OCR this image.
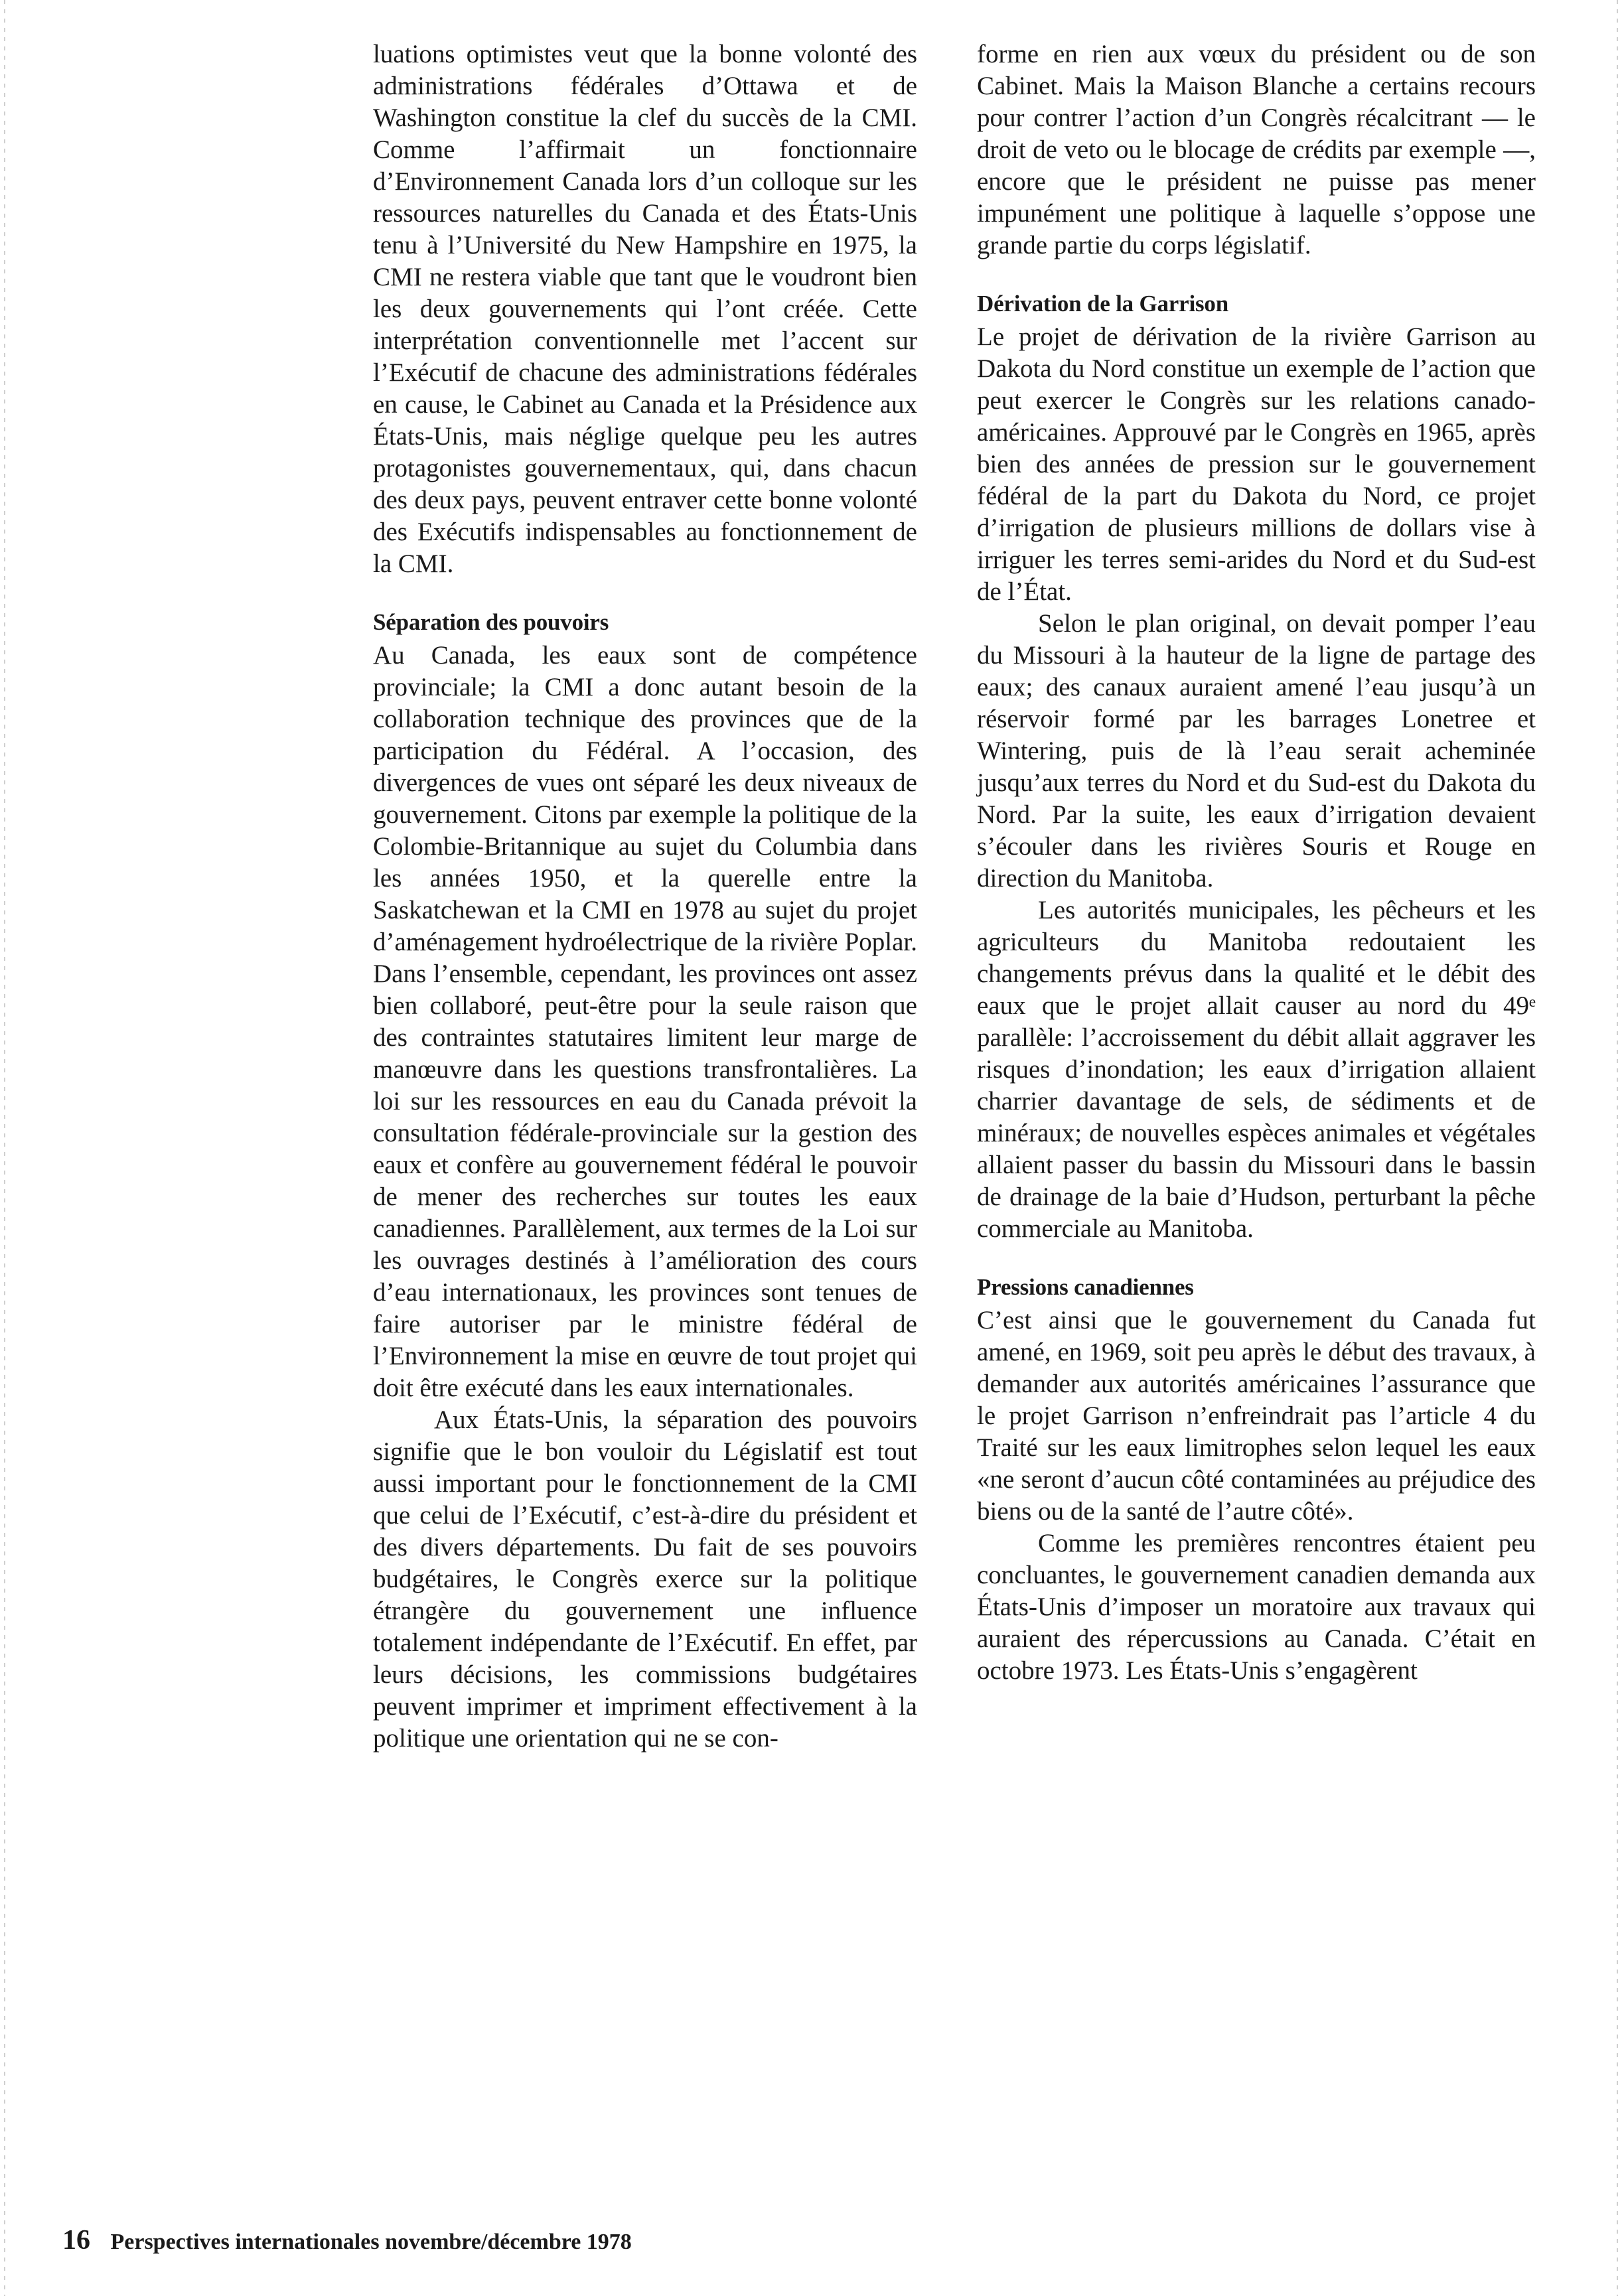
luations optimistes veut que la bonne volonté des administrations fédérales d’Ottawa et de Washington constitue la clef du succès de la CMI. Comme l’affirmait un fonctionnaire d’Environnement Canada lors d’un colloque sur les ressources naturelles du Canada et des États-Unis tenu à l’Université du New Hampshire en 1975, la CMI ne restera viable que tant que le voudront bien les deux gouvernements qui l’ont créée. Cette interprétation conventionnelle met l’accent sur l’Exécutif de chacune des administrations fédérales en cause, le Cabinet au Canada et la Présidence aux États-Unis, mais néglige quelque peu les autres protagonistes gouvernementaux, qui, dans chacun des deux pays, peuvent entraver cette bonne volonté des Exécutifs indispensables au fonctionnement de la CMI.

Séparation des pouvoirs

Au Canada, les eaux sont de compétence provinciale; la CMI a donc autant besoin de la collaboration technique des provinces que de la participation du Fédéral. A l’occasion, des divergences de vues ont séparé les deux niveaux de gouvernement. Citons par exemple la politique de la Colombie-Britannique au sujet du Columbia dans les années 1950, et la querelle entre la Saskatchewan et la CMI en 1978 au sujet du projet d’aménagement hydroélectrique de la rivière Poplar. Dans l’ensemble, cependant, les provinces ont assez bien collaboré, peut-être pour la seule raison que des contraintes statutaires limitent leur marge de manœuvre dans les questions transfrontalières. La loi sur les ressources en eau du Canada prévoit la consultation fédérale-provinciale sur la gestion des eaux et confère au gouvernement fédéral le pouvoir de mener des recherches sur toutes les eaux canadiennes. Parallèlement, aux termes de la Loi sur les ouvrages destinés à l’amélioration des cours d’eau internationaux, les provinces sont tenues de faire autoriser par le ministre fédéral de l’Environnement la mise en œuvre de tout projet qui doit être exécuté dans les eaux internationales.

Aux États-Unis, la séparation des pouvoirs signifie que le bon vouloir du Législatif est tout aussi important pour le fonctionnement de la CMI que celui de l’Exécutif, c’est-à-dire du président et des divers départements. Du fait de ses pouvoirs budgétaires, le Congrès exerce sur la politique étrangère du gouvernement une influence totalement indépendante de l’Exécutif. En effet, par leurs décisions, les commissions budgétaires peuvent imprimer et impriment effectivement à la politique une orientation qui ne se con-

forme en rien aux vœux du président ou de son Cabinet. Mais la Maison Blanche a certains recours pour contrer l’action d’un Congrès récalcitrant — le droit de veto ou le blocage de crédits par exemple —, encore que le président ne puisse pas mener impunément une politique à laquelle s’oppose une grande partie du corps législatif.

Dérivation de la Garrison

Le projet de dérivation de la rivière Garrison au Dakota du Nord constitue un exemple de l’action que peut exercer le Congrès sur les relations canado-américaines. Approuvé par le Congrès en 1965, après bien des années de pression sur le gouvernement fédéral de la part du Dakota du Nord, ce projet d’irrigation de plusieurs millions de dollars vise à irriguer les terres semi-arides du Nord et du Sud-est de l’État.

Selon le plan original, on devait pomper l’eau du Missouri à la hauteur de la ligne de partage des eaux; des canaux auraient amené l’eau jusqu’à un réservoir formé par les barrages Lonetree et Wintering, puis de là l’eau serait acheminée jusqu’aux terres du Nord et du Sud-est du Dakota du Nord. Par la suite, les eaux d’irrigation devaient s’écouler dans les rivières Souris et Rouge en direction du Manitoba.

Les autorités municipales, les pêcheurs et les agriculteurs du Manitoba redoutaient les changements prévus dans la qualité et le débit des eaux que le projet allait causer au nord du 49ᵉ parallèle: l’accroissement du débit allait aggraver les risques d’inondation; les eaux d’irrigation allaient charrier davantage de sels, de sédiments et de minéraux; de nouvelles espèces animales et végétales allaient passer du bassin du Missouri dans le bassin de drainage de la baie d’Hudson, perturbant la pêche commerciale au Manitoba.

Pressions canadiennes

C’est ainsi que le gouvernement du Canada fut amené, en 1969, soit peu après le début des travaux, à demander aux autorités américaines l’assurance que le projet Garrison n’enfreindrait pas l’article 4 du Traité sur les eaux limitrophes selon lequel les eaux «ne seront d’aucun côté contaminées au préjudice des biens ou de la santé de l’autre côté».

Comme les premières rencontres étaient peu concluantes, le gouvernement canadien demanda aux États-Unis d’imposer un moratoire aux travaux qui auraient des répercussions au Canada. C’était en octobre 1973. Les États-Unis s’engagèrent

16 Perspectives internationales novembre/décembre 1978
